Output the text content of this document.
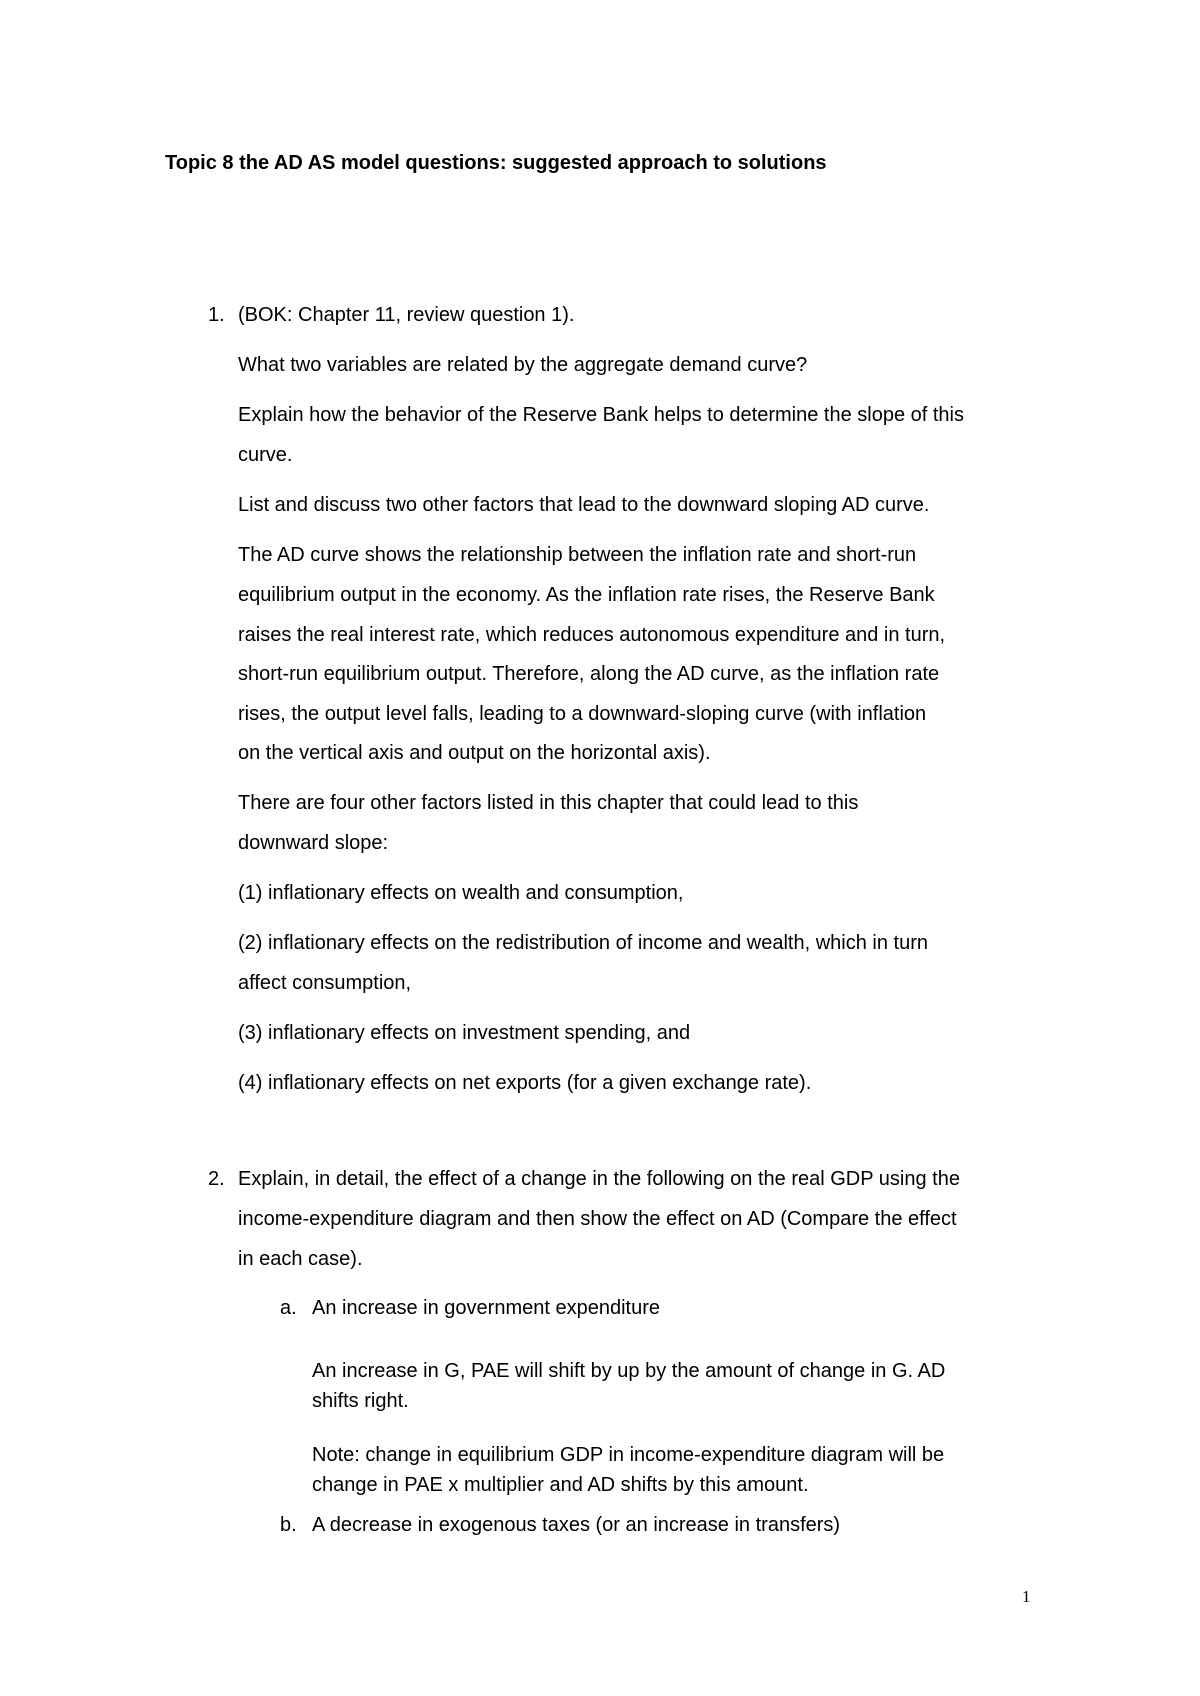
Topic 8 the AD AS model questions: suggested approach to solutions
1. (BOK: Chapter 11, review question 1).
What two variables are related by the aggregate demand curve?
Explain how the behavior of the Reserve Bank helps to determine the slope of this
curve.
List and discuss two other factors that lead to the downward sloping AD curve.
The AD curve shows the relationship between the inflation rate and short-run
equilibrium output in the economy. As the inflation rate rises, the Reserve Bank
raises the real interest rate, which reduces autonomous expenditure and in turn,
short-run equilibrium output. Therefore, along the AD curve, as the inflation rate
rises, the output level falls, leading to a downward-sloping curve (with inflation
on the vertical axis and output on the horizontal axis).
There are four other factors listed in this chapter that could lead to this
downward slope:
(1) inflationary effects on wealth and consumption,
(2) inflationary effects on the redistribution of income and wealth, which in turn
affect consumption,
(3) inflationary effects on investment spending, and
(4) inflationary effects on net exports (for a given exchange rate).
2. Explain, in detail, the effect of a change in the following on the real GDP using the
income-expenditure diagram and then show the effect on AD (Compare the effect
in each case).
a. An increase in government expenditure
An increase in G, PAE will shift by up by the amount of change in G. AD
shifts right.
Note: change in equilibrium GDP in income-expenditure diagram will be
change in PAE x multiplier and AD shifts by this amount.
b. A decrease in exogenous taxes (or an increase in transfers)
1
